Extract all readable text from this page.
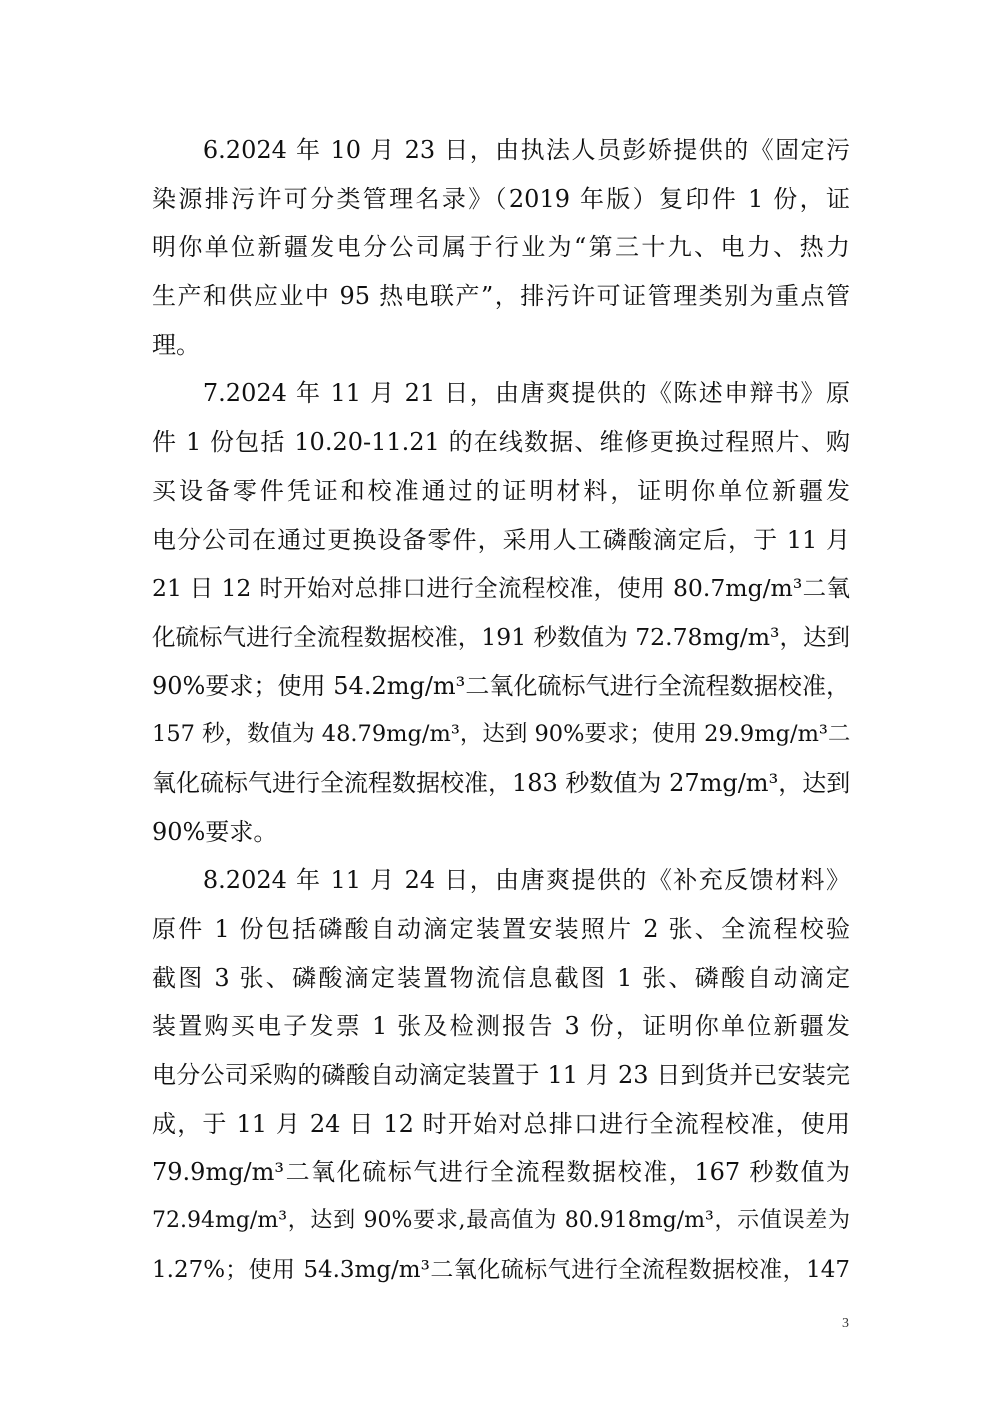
　　6.2024 年 10 月 23 日，由执法人员彭娇提供的《固定污
染源排污许可分类管理名录》（2019 年版）复印件 1 份，证
明你单位新疆发电分公司属于行业为“第三十九、电力、热力
生产和供应业中 95 热电联产”，排污许可证管理类别为重点管
理。
　　7.2024 年 11 月 21 日，由唐爽提供的《陈述申辩书》原
件 1 份包括 10.20-11.21 的在线数据、维修更换过程照片、购
买设备零件凭证和校准通过的证明材料，证明你单位新疆发
电分公司在通过更换设备零件，采用人工磷酸滴定后，于 11 月
21 日 12 时开始对总排口进行全流程校准，使用 80.7mg/m³二氧
化硫标气进行全流程数据校准，191 秒数值为 72.78mg/m³，达到
90%要求；使用 54.2mg/m³二氧化硫标气进行全流程数据校准，
157 秒，数值为 48.79mg/m³，达到 90%要求；使用 29.9mg/m³二
氧化硫标气进行全流程数据校准，183 秒数值为 27mg/m³，达到
90%要求。
　　8.2024 年 11 月 24 日，由唐爽提供的《补充反馈材料》
原件 1 份包括磷酸自动滴定装置安装照片 2 张、全流程校验
截图 3 张、磷酸滴定装置物流信息截图 1 张、磷酸自动滴定
装置购买电子发票 1 张及检测报告 3 份，证明你单位新疆发
电分公司采购的磷酸自动滴定装置于 11 月 23 日到货并已安装完
成，于 11 月 24 日 12 时开始对总排口进行全流程校准，使用
79.9mg/m³二氧化硫标气进行全流程数据校准，167 秒数值为
72.94mg/m³，达到 90%要求,最高值为 80.918mg/m³，示值误差为
1.27%；使用 54.3mg/m³二氧化硫标气进行全流程数据校准，147
3
